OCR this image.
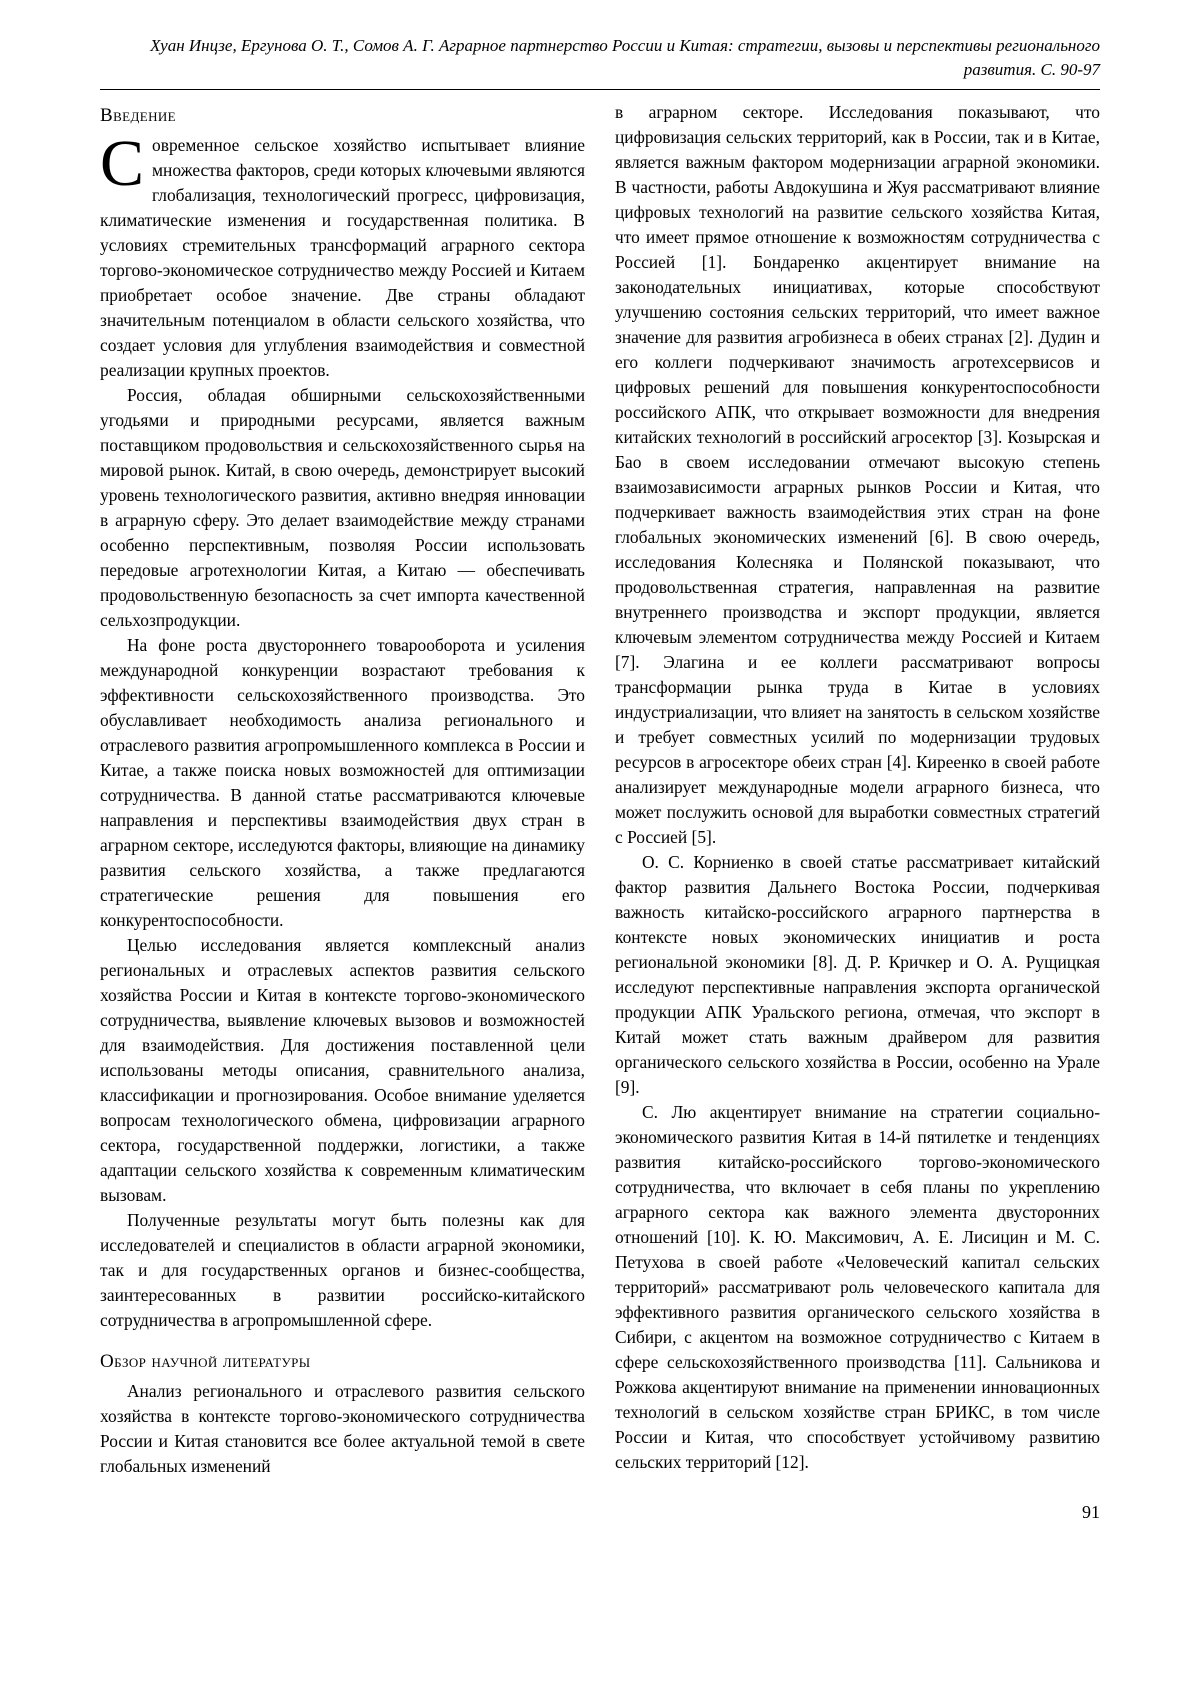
Хуан Инцзе, Ергунова О. Т., Сомов А. Г. Аграрное партнерство России и Китая: стратегии, вызовы и перспективы регионального развития. С. 90-97
Введение

Современное сельское хозяйство испытывает влияние множества факторов, среди которых ключевыми являются глобализация, технологический прогресс, цифровизация, климатические изменения и государственная политика. В условиях стремительных трансформаций аграрного сектора торгово-экономическое сотрудничество между Россией и Китаем приобретает особое значение. Две страны обладают значительным потенциалом в области сельского хозяйства, что создает условия для углубления взаимодействия и совместной реализации крупных проектов.

Россия, обладая обширными сельскохозяйственными угодьями и природными ресурсами, является важным поставщиком продовольствия и сельскохозяйственного сырья на мировой рынок. Китай, в свою очередь, демонстрирует высокий уровень технологического развития, активно внедряя инновации в аграрную сферу. Это делает взаимодействие между странами особенно перспективным, позволяя России использовать передовые агротехнологии Китая, а Китаю — обеспечивать продовольственную безопасность за счет импорта качественной сельхозпродукции.

На фоне роста двустороннего товарооборота и усиления международной конкуренции возрастают требования к эффективности сельскохозяйственного производства. Это обуславливает необходимость анализа регионального и отраслевого развития агропромышленного комплекса в России и Китае, а также поиска новых возможностей для оптимизации сотрудничества. В данной статье рассматриваются ключевые направления и перспективы взаимодействия двух стран в аграрном секторе, исследуются факторы, влияющие на динамику развития сельского хозяйства, а также предлагаются стратегические решения для повышения его конкурентоспособности.

Целью исследования является комплексный анализ региональных и отраслевых аспектов развития сельского хозяйства России и Китая в контексте торгово-экономического сотрудничества, выявление ключевых вызовов и возможностей для взаимодействия. Для достижения поставленной цели использованы методы описания, сравнительного анализа, классификации и прогнозирования. Особое внимание уделяется вопросам технологического обмена, цифровизации аграрного сектора, государственной поддержки, логистики, а также адаптации сельского хозяйства к современным климатическим вызовам.

Полученные результаты могут быть полезны как для исследователей и специалистов в области аграрной экономики, так и для государственных органов и бизнес-сообщества, заинтересованных в развитии российско-китайского сотрудничества в агропромышленной сфере.

Обзор научной литературы

Анализ регионального и отраслевого развития сельского хозяйства в контексте торгово-экономического сотрудничества России и Китая становится все более актуальной темой в свете глобальных изменений

в аграрном секторе. Исследования показывают, что цифровизация сельских территорий, как в России, так и в Китае, является важным фактором модернизации аграрной экономики. В частности, работы Авдокушина и Жуя рассматривают влияние цифровых технологий на развитие сельского хозяйства Китая, что имеет прямое отношение к возможностям сотрудничества с Россией [1]. Бондаренко акцентирует внимание на законодательных инициативах, которые способствуют улучшению состояния сельских территорий, что имеет важное значение для развития агробизнеса в обеих странах [2]. Дудин и его коллеги подчеркивают значимость агротехсервисов и цифровых решений для повышения конкурентоспособности российского АПК, что открывает возможности для внедрения китайских технологий в российский агросектор [3]. Козырская и Бао в своем исследовании отмечают высокую степень взаимозависимости аграрных рынков России и Китая, что подчеркивает важность взаимодействия этих стран на фоне глобальных экономических изменений [6]. В свою очередь, исследования Колесняка и Полянской показывают, что продовольственная стратегия, направленная на развитие внутреннего производства и экспорт продукции, является ключевым элементом сотрудничества между Россией и Китаем [7]. Элагина и ее коллеги рассматривают вопросы трансформации рынка труда в Китае в условиях индустриализации, что влияет на занятость в сельском хозяйстве и требует совместных усилий по модернизации трудовых ресурсов в агросекторе обеих стран [4]. Киреенко в своей работе анализирует международные модели аграрного бизнеса, что может послужить основой для выработки совместных стратегий с Россией [5].

О. С. Корниенко в своей статье рассматривает китайский фактор развития Дальнего Востока России, подчеркивая важность китайско-российского аграрного партнерства в контексте новых экономических инициатив и роста региональной экономики [8]. Д. Р. Кричкер и О. А. Рущицкая исследуют перспективные направления экспорта органической продукции АПК Уральского региона, отмечая, что экспорт в Китай может стать важным драйвером для развития органического сельского хозяйства в России, особенно на Урале [9].

С. Лю акцентирует внимание на стратегии социально-экономического развития Китая в 14-й пятилетке и тенденциях развития китайско-российского торгово-экономического сотрудничества, что включает в себя планы по укреплению аграрного сектора как важного элемента двусторонних отношений [10]. К. Ю. Максимович, А. Е. Лисицин и М. С. Петухова в своей работе «Человеческий капитал сельских территорий» рассматривают роль человеческого капитала для эффективного развития органического сельского хозяйства в Сибири, с акцентом на возможное сотрудничество с Китаем в сфере сельскохозяйственного производства [11]. Сальникова и Рожкова акцентируют внимание на применении инновационных технологий в сельском хозяйстве стран БРИКС, в том числе России и Китая, что способствует устойчивому развитию сельских территорий [12].

91
